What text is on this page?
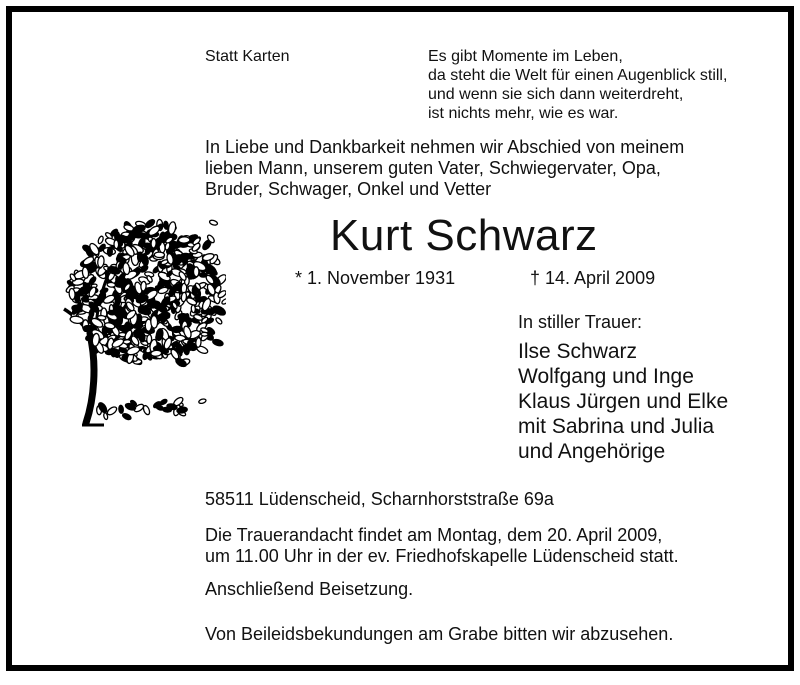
Statt Karten	Es gibt Momente im Leben,
da steht die Welt für einen Augenblick still,
und wenn sie sich dann weiterdreht,
ist nichts mehr, wie es war.
In Liebe und Dankbarkeit nehmen wir Abschied von meinem
lieben Mann, unserem guten Vater, Schwiegervater, Opa,
Bruder, Schwager, Onkel und Vetter
Kurt Schwarz
* 1. November 1931	† 14. April 2009
In stiller Trauer:
Ilse Schwarz
Wolfgang und Inge
Klaus Jürgen und Elke
mit Sabrina und Julia
und Angehörige
58511 Lüdenscheid, Scharnhorststraße 69a
Die Trauerandacht findet am Montag, dem 20. April 2009,
um 11.00 Uhr in der ev. Friedhofskapelle Lüdenscheid statt.
Anschließend Beisetzung.
Von Beileidsbekundungen am Grabe bitten wir abzusehen.
